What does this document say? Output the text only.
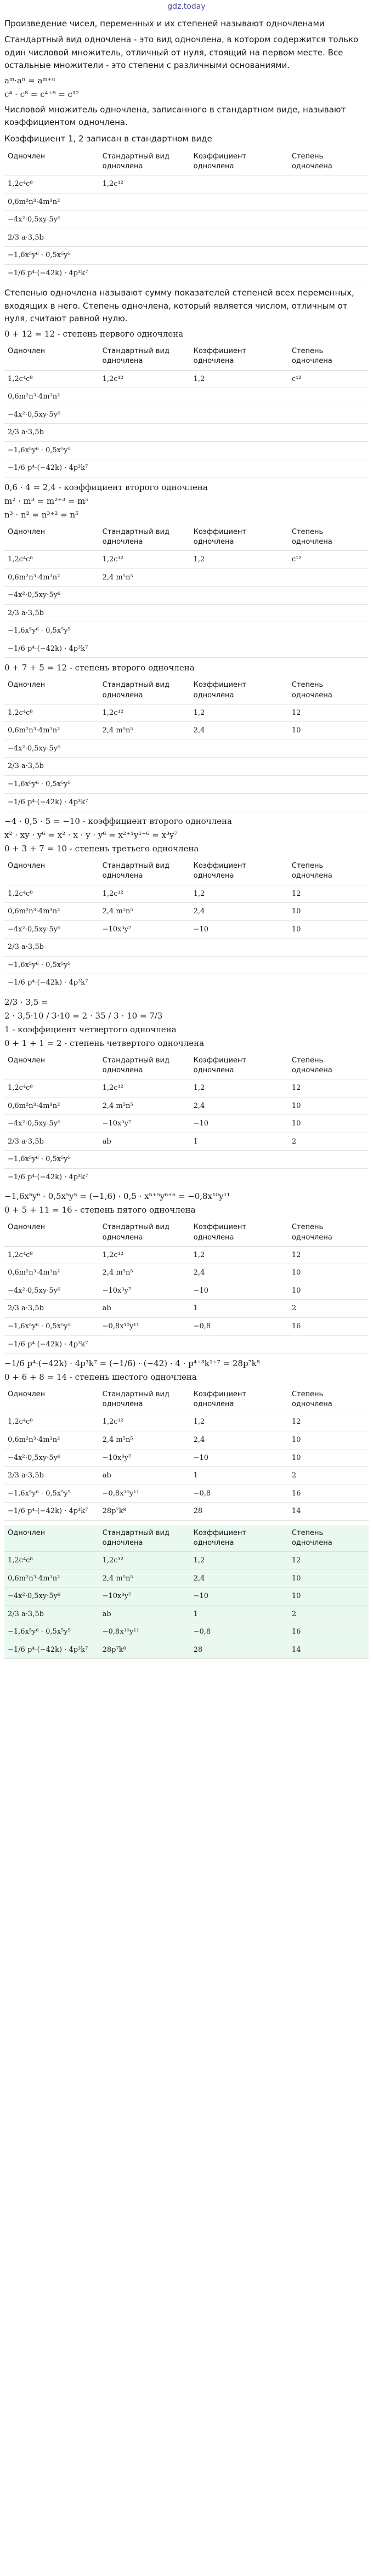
gdz.today
Произведение чисел, переменных и их степеней называют одночленами
Стандартный вид одночлена - это вид одночлена, в котором содержится только один числовой множитель, отличный от нуля, стоящий на первом месте. Все остальные множители - это степени с различными основаниями.
aᵐ·aⁿ = aᵐ⁺ⁿ
c⁴ · c⁸ = c⁴⁺⁸ = c¹²
Числовой множитель одночлена, записанного в стандартном виде, называют коэффициентом одночлена.
Коэффициент 1, 2 записан в стандартном виде
Одночлен	Стандартный вид одночлена	Коэффициент одночлена	Степень одночлена
1,2c⁴c⁸	1,2c¹²		
0,6m²n³·4m³n²			
−4x²·0,5xy·5y⁶			
2/3 a·3,5b			
−1,6x⁵y⁶ · 0,5x⁵y⁵			
−1/6 p⁴·(−42k) · 4p³k⁷			
Степенью одночлена называют сумму показателей степеней всех переменных, входящих в него. Степень одночлена, который является числом, отличным от нуля, считают равной нулю.
0 + 12 = 12 - степень первого одночлена
Одночлен	Стандартный вид одночлена	Коэффициент одночлена	Степень одночлена
1,2c⁴c⁸	1,2c¹²	1,2	c¹²
0,6m²n³·4m³n²			
−4x²·0,5xy·5y⁶			
2/3 a·3,5b			
−1,6x⁵y⁶ · 0,5x⁵y⁵			
−1/6 p⁴·(−42k) · 4p³k⁷			
0,6 · 4 = 2,4 - коэффициент второго одночлена
m² · m³ = m²⁺³ = m⁵
n³ · n² = n³⁺² = n⁵
Одночлен	Стандартный вид одночлена	Коэффициент одночлена	Степень одночлена
1,2c⁴c⁸	1,2c¹²	1,2	c¹²
0,6m²n³·4m³n²	2,4 m⁵n⁵		
−4x²·0,5xy·5y⁶			
2/3 a·3,5b			
−1,6x⁵y⁶ · 0,5x⁵y⁵			
−1/6 p⁴·(−42k) · 4p³k⁷			
0 + 7 + 5 = 12 - степень второго одночлена
Одночлен	Стандартный вид одночлена	Коэффициент одночлена	Степень одночлена
1,2c⁴c⁸	1,2c¹²	1,2	12
0,6m²n³·4m³n²	2,4 m⁵n⁵	2,4	10
−4x²·0,5xy·5y⁶			
2/3 a·3,5b			
−1,6x⁵y⁶ · 0,5x⁵y⁵			
−1/6 p⁴·(−42k) · 4p³k⁷			
−4 · 0,5 · 5 = −10 - коэффициент второго одночлена
x² · xy · y⁶ = x² · x · y · y⁶ = x²⁺¹y¹⁺⁶ = x³y⁷
0 + 3 + 7 = 10 - степень третьего одночлена
Одночлен	Стандартный вид одночлена	Коэффициент одночлена	Степень одночлена
1,2c⁴c⁸	1,2c¹²	1,2	12
0,6m²n³·4m³n²	2,4 m⁵n⁵	2,4	10
−4x²·0,5xy·5y⁶	−10x³y⁷	−10	10
2/3 a·3,5b			
−1,6x⁵y⁶ · 0,5x⁵y⁵			
−1/6 p⁴·(−42k) · 4p³k⁷			
2/3 · 3,5 =
2 · 3,5·10 / 3·10 = 2 · 35 / 3 · 10 = 7/3
1 - коэффициент четвертого одночлена
0 + 1 + 1 = 2 - степень четвертого одночлена
Одночлен	Стандартный вид одночлена	Коэффициент одночлена	Степень одночлена
1,2c⁴c⁸	1,2c¹²	1,2	12
0,6m²n³·4m³n²	2,4 m⁵n⁵	2,4	10
−4x²·0,5xy·5y⁶	−10x³y⁷	−10	10
2/3 a·3,5b	ab	1	2
−1,6x⁵y⁶ · 0,5x⁵y⁵			
−1/6 p⁴·(−42k) · 4p³k⁷			
−1,6x⁵y⁶ · 0,5x⁵y⁵ = (−1,6) · 0,5 · x⁵⁺⁵y⁶⁺⁵ = −0,8x¹⁰y¹¹
0 + 5 + 11 = 16 - степень пятого одночлена
Одночлен	Стандартный вид одночлена	Коэффициент одночлена	Степень одночлена
1,2c⁴c⁸	1,2c¹²	1,2	12
0,6m²n³·4m³n²	2,4 m⁵n⁵	2,4	10
−4x²·0,5xy·5y⁶	−10x³y⁷	−10	10
2/3 a·3,5b	ab	1	2
−1,6x⁵y⁶ · 0,5x⁵y⁵	−0,8x¹⁰y¹¹	−0,8	16
−1/6 p⁴·(−42k) · 4p³k⁷			
−1/6 p⁴·(−42k) · 4p³k⁷ = (−1/6) · (−42) · 4 · p⁴⁺³k¹⁺⁷ = 28p⁷k⁸
0 + 6 + 8 = 14 - степень шестого одночлена
Одночлен	Стандартный вид одночлена	Коэффициент одночлена	Степень одночлена
1,2c⁴c⁸	1,2c¹²	1,2	12
0,6m²n³·4m³n²	2,4 m⁵n⁵	2,4	10
−4x²·0,5xy·5y⁶	−10x³y⁷	−10	10
2/3 a·3,5b	ab	1	2
−1,6x⁵y⁶ · 0,5x⁵y⁵	−0,8x¹⁰y¹¹	−0,8	16
−1/6 p⁴·(−42k) · 4p³k⁷	28p⁷k⁸	28	14
Одночлен	Стандартный вид одночлена	Коэффициент одночлена	Степень одночлена
1,2c⁴c⁸	1,2c¹²	1,2	12
0,6m²n³·4m³n²	2,4 m⁵n⁵	2,4	10
−4x²·0,5xy·5y⁶	−10x³y⁷	−10	10
2/3 a·3,5b	ab	1	2
−1,6x⁵y⁶ · 0,5x⁵y⁵	−0,8x¹⁰y¹¹	−0,8	16
−1/6 p⁴·(−42k) · 4p³k⁷	28p⁷k⁸	28	14
